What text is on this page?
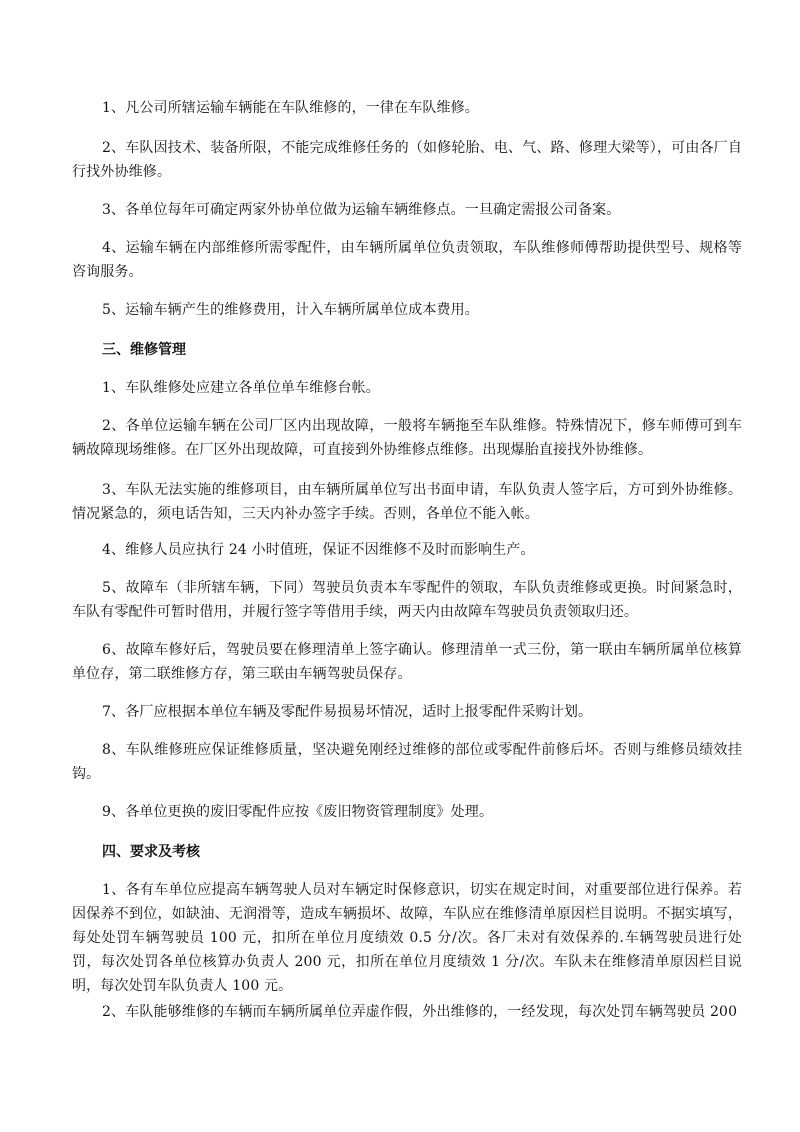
1、凡公司所辖运输车辆能在车队维修的，一律在车队维修。

2、车队因技术、装备所限，不能完成维修任务的（如修轮胎、电、气、路、修理大梁等），可由各厂自行找外协维修。

3、各单位每年可确定两家外协单位做为运输车辆维修点。一旦确定需报公司备案。

4、运输车辆在内部维修所需零配件，由车辆所属单位负责领取，车队维修师傅帮助提供型号、规格等咨询服务。

5、运输车辆产生的维修费用，计入车辆所属单位成本费用。

三、维修管理

1、车队维修处应建立各单位单车维修台帐。

2、各单位运输车辆在公司厂区内出现故障，一般将车辆拖至车队维修。特殊情况下，修车师傅可到车辆故障现场维修。在厂区外出现故障，可直接到外协维修点维修。出现爆胎直接找外协维修。

3、车队无法实施的维修项目，由车辆所属单位写出书面申请，车队负责人签字后，方可到外协维修。情况紧急的，须电话告知，三天内补办签字手续。否则，各单位不能入帐。

4、维修人员应执行 24 小时值班，保证不因维修不及时而影响生产。

5、故障车（非所辖车辆，下同）驾驶员负责本车零配件的领取，车队负责维修或更换。时间紧急时，车队有零配件可暂时借用，并履行签字等借用手续，两天内由故障车驾驶员负责领取归还。

6、故障车修好后，驾驶员要在修理清单上签字确认。修理清单一式三份，第一联由车辆所属单位核算单位存，第二联维修方存，第三联由车辆驾驶员保存。

7、各厂应根据本单位车辆及零配件易损易坏情况，适时上报零配件采购计划。

8、车队维修班应保证维修质量，坚决避免刚经过维修的部位或零配件前修后坏。否则与维修员绩效挂钩。

9、各单位更换的废旧零配件应按《废旧物资管理制度》处理。

四、要求及考核

1、各有车单位应提高车辆驾驶人员对车辆定时保修意识，切实在规定时间，对重要部位进行保养。若因保养不到位，如缺油、无润滑等，造成车辆损坏、故障，车队应在维修清单原因栏目说明。不据实填写，每处处罚车辆驾驶员 100 元，扣所在单位月度绩效 0.5 分/次。各厂未对有效保养的.车辆驾驶员进行处罚，每次处罚各单位核算办负责人 200 元，扣所在单位月度绩效 1 分/次。车队未在维修清单原因栏目说明，每次处罚车队负责人 100 元。

2、车队能够维修的车辆而车辆所属单位弄虚作假，外出维修的，一经发现，每次处罚车辆驾驶员 200
